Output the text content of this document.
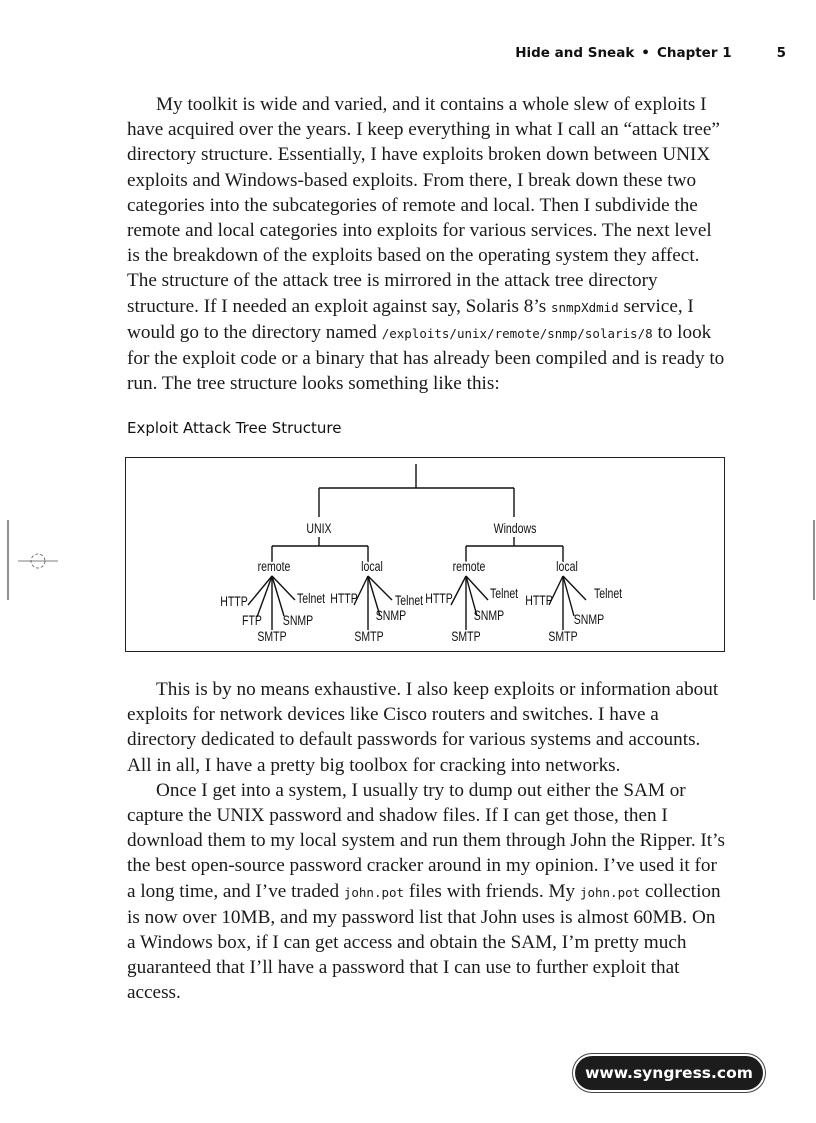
Hide and Sneak • Chapter 1	5

My toolkit is wide and varied, and it contains a whole slew of exploits I have acquired over the years. I keep everything in what I call an “attack tree” directory structure. Essentially, I have exploits broken down between UNIX exploits and Windows-based exploits. From there, I break down these two categories into the subcategories of remote and local. Then I subdivide the remote and local categories into exploits for various services. The next level is the breakdown of the exploits based on the operating system they affect. The structure of the attack tree is mirrored in the attack tree directory structure. If I needed an exploit against say, Solaris 8’s snmpXdmid service, I would go to the directory named /exploits/unix/remote/snmp/solaris/8 to look for the exploit code or a binary that has already been compiled and is ready to run. The tree structure looks something like this:

Exploit Attack Tree Structure
UNIX	Windows
remote	local	remote	local
HTTP
FTP
SMTP
SNMP
Telnet HTTP
SMTP
SNMP
Telnet HTTP
SMTP
SNMP
Telnet HTTP
SMTP
SNMP
Telnet

This is by no means exhaustive. I also keep exploits or information about exploits for network devices like Cisco routers and switches. I have a directory dedicated to default passwords for various systems and accounts. All in all, I have a pretty big toolbox for cracking into networks.

Once I get into a system, I usually try to dump out either the SAM or capture the UNIX password and shadow files. If I can get those, then I download them to my local system and run them through John the Ripper. It’s the best open-source password cracker around in my opinion. I’ve used it for a long time, and I’ve traded john.pot files with friends. My john.pot collection is now over 10MB, and my password list that John uses is almost 60MB. On a Windows box, if I can get access and obtain the SAM, I’m pretty much guaranteed that I’ll have a password that I can use to further exploit that access.

www.syngress.com
